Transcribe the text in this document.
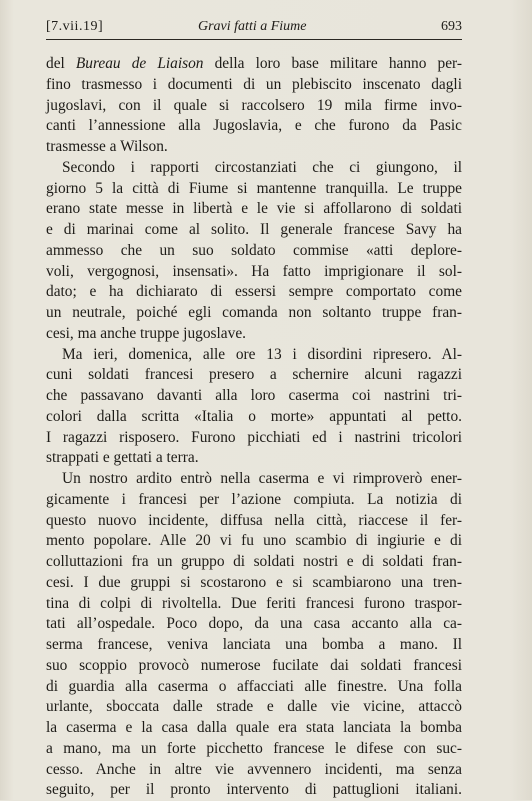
[7.vii.19]	Gravi fatti a Fiume	693
del Bureau de Liaison della loro base militare hanno per-
fino trasmesso i documenti di un plebiscito inscenato dagli
jugoslavi, con il quale si raccolsero 19 mila firme invo-
canti l’annessione alla Jugoslavia, e che furono da Pasic
trasmesse a Wilson.
Secondo i rapporti circostanziati che ci giungono, il
giorno 5 la città di Fiume si mantenne tranquilla. Le truppe
erano state messe in libertà e le vie si affollarono di soldati
e di marinai come al solito. Il generale francese Savy ha
ammesso che un suo soldato commise «atti deplore-
voli, vergognosi, insensati». Ha fatto imprigionare il sol-
dato; e ha dichiarato di essersi sempre comportato come
un neutrale, poiché egli comanda non soltanto truppe fran-
cesi, ma anche truppe jugoslave.
Ma ieri, domenica, alle ore 13 i disordini ripresero. Al-
cuni soldati francesi presero a schernire alcuni ragazzi
che passavano davanti alla loro caserma coi nastrini tri-
colori dalla scritta «Italia o morte» appuntati al petto.
I ragazzi risposero. Furono picchiati ed i nastrini tricolori
strappati e gettati a terra.
Un nostro ardito entrò nella caserma e vi rimproverò ener-
gicamente i francesi per l’azione compiuta. La notizia di
questo nuovo incidente, diffusa nella città, riaccese il fer-
mento popolare. Alle 20 vi fu uno scambio di ingiurie e di
colluttazioni fra un gruppo di soldati nostri e di soldati fran-
cesi. I due gruppi si scostarono e si scambiarono una tren-
tina di colpi di rivoltella. Due feriti francesi furono traspor-
tati all’ospedale. Poco dopo, da una casa accanto alla ca-
serma francese, veniva lanciata una bomba a mano. Il
suo scoppio provocò numerose fucilate dai soldati francesi
di guardia alla caserma o affacciati alle finestre. Una folla
urlante, sboccata dalle strade e dalle vie vicine, attaccò
la caserma e la casa dalla quale era stata lanciata la bomba
a mano, ma un forte picchetto francese le difese con suc-
cesso. Anche in altre vie avvennero incidenti, ma senza
seguito, per il pronto intervento di pattuglioni italiani.
